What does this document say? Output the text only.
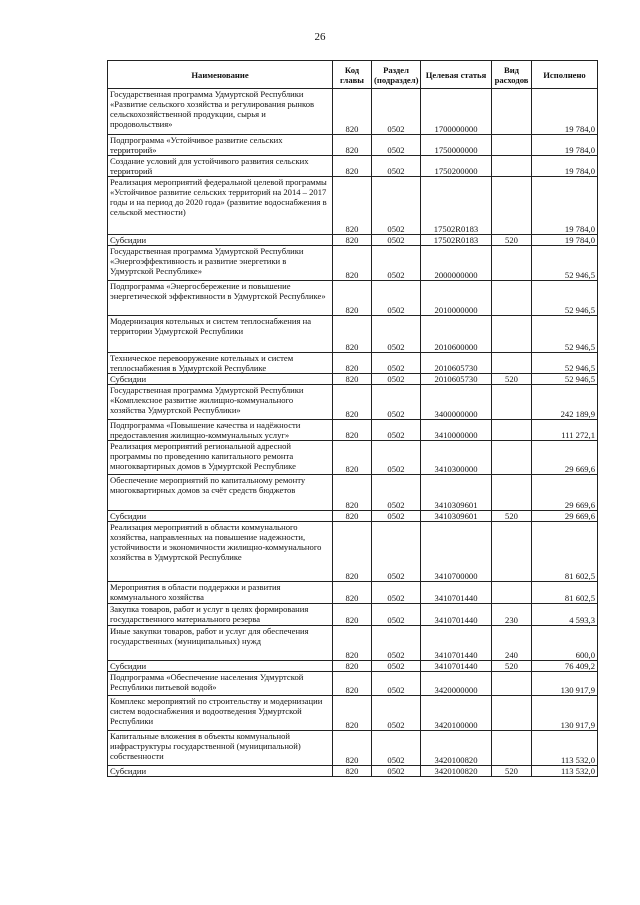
26
Наименование	Код главы	Раздел (подраздел)	Целевая статья	Вид расходов	Исполнено
Государственная программа Удмуртской Республики «Развитие сельского хозяйства и регулирования рынков сельскохозяйственной продукции, сырья и продовольствия»	820	0502	1700000000		19 784,0
Подпрограмма «Устойчивое развитие сельских территорий»	820	0502	1750000000		19 784,0
Создание условий для устойчивого развития сельских территорий	820	0502	1750200000		19 784,0
Реализация мероприятий федеральной целевой программы «Устойчивое развитие сельских территорий на 2014 – 2017 годы и на период до 2020 года» (развитие водоснабжения в сельской местности)	820	0502	17502R0183		19 784,0
Субсидии	820	0502	17502R0183	520	19 784,0
Государственная программа Удмуртской Республики «Энергоэффективность и развитие энергетики в Удмуртской Республике»	820	0502	2000000000		52 946,5
Подпрограмма «Энергосбережение и повышение энергетической эффективности в Удмуртской Республике»	820	0502	2010000000		52 946,5
Модернизация котельных и систем теплоснабжения на территории Удмуртской Республики	820	0502	2010600000		52 946,5
Техническое перевооружение котельных и систем теплоснабжения в Удмуртской Республике	820	0502	2010605730		52 946,5
Субсидии	820	0502	2010605730	520	52 946,5
Государственная программа Удмуртской Республики «Комплексное развитие жилищно-коммунального хозяйства Удмуртской Республики»	820	0502	3400000000		242 189,9
Подпрограмма «Повышение качества и надёжности предоставления жилищно-коммунальных услуг»	820	0502	3410000000		111 272,1
Реализация мероприятий региональной адресной программы по проведению капитального ремонта многоквартирных домов в Удмуртской Республике	820	0502	3410300000		29 669,6
Обеспечение мероприятий по капитальному ремонту многоквартирных домов за счёт средств бюджетов	820	0502	3410309601		29 669,6
Субсидии	820	0502	3410309601	520	29 669,6
Реализация мероприятий в области коммунального хозяйства, направленных на повышение надежности, устойчивости и экономичности жилищно-коммунального хозяйства в Удмуртской Республике	820	0502	3410700000		81 602,5
Мероприятия в области поддержки и развития коммунального хозяйства	820	0502	3410701440		81 602,5
Закупка товаров, работ и услуг в целях формирования государственного материального резерва	820	0502	3410701440	230	4 593,3
Иные закупки товаров, работ и услуг для обеспечения государственных (муниципальных) нужд	820	0502	3410701440	240	600,0
Субсидии	820	0502	3410701440	520	76 409,2
Подпрограмма «Обеспечение населения Удмуртской Республики питьевой водой»	820	0502	3420000000		130 917,9
Комплекс мероприятий по строительству и модернизации систем водоснабжения и водоотведения Удмуртской Республики	820	0502	3420100000		130 917,9
Капитальные вложения в объекты коммунальной инфраструктуры государственной (муниципальной) собственности	820	0502	3420100820		113 532,0
Субсидии	820	0502	3420100820	520	113 532,0
